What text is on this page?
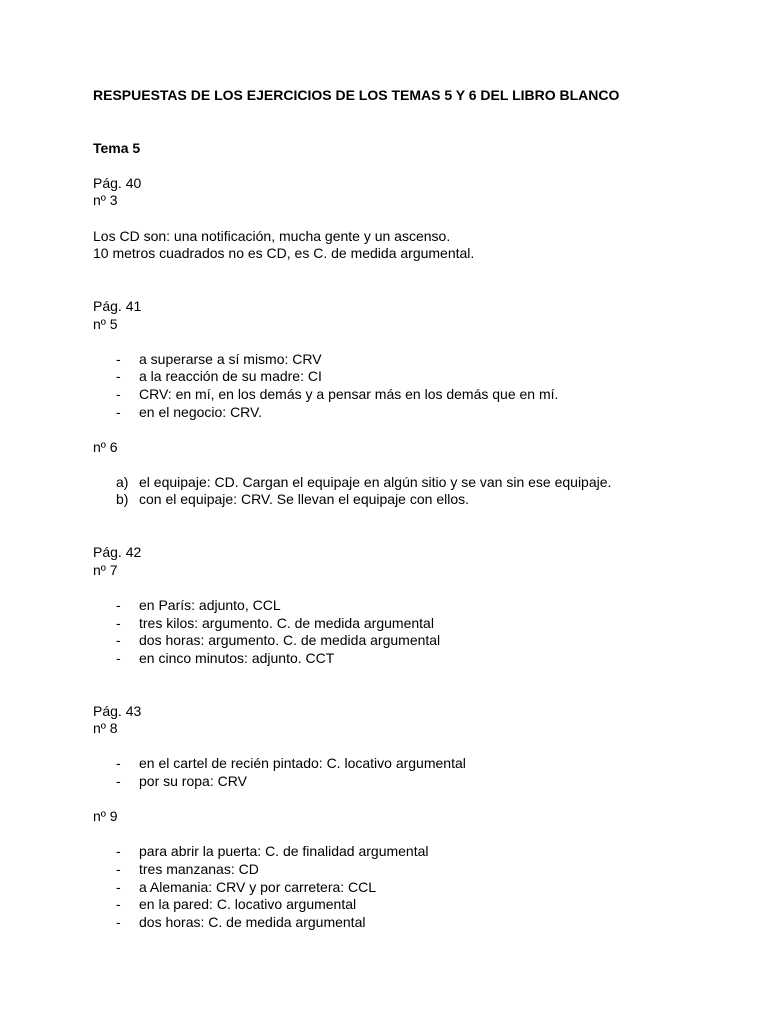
RESPUESTAS DE LOS EJERCICIOS DE LOS TEMAS 5 Y 6 DEL LIBRO BLANCO

Tema 5

Pág. 40

nº 3

Los CD son: una notificación, mucha gente y un ascenso.

10 metros cuadrados no es CD, es C. de medida argumental.

Pág. 41

nº 5

- a superarse a sí mismo: CRV
- a la reacción de su madre: CI
- CRV: en mí, en los demás y a pensar más en los demás que en mí.
- en el negocio: CRV.

nº 6

a) el equipaje: CD. Cargan el equipaje en algún sitio y se van sin ese equipaje.
b) con el equipaje: CRV. Se llevan el equipaje con ellos.

Pág. 42

nº 7

- en París: adjunto, CCL
- tres kilos: argumento. C. de medida argumental
- dos horas: argumento. C. de medida argumental
- en cinco minutos: adjunto. CCT

Pág. 43

nº 8

- en el cartel de recién pintado: C. locativo argumental
- por su ropa: CRV

nº 9

- para abrir la puerta: C. de finalidad argumental
- tres manzanas: CD
- a Alemania: CRV y por carretera: CCL
- en la pared: C. locativo argumental
- dos horas: C. de medida argumental
